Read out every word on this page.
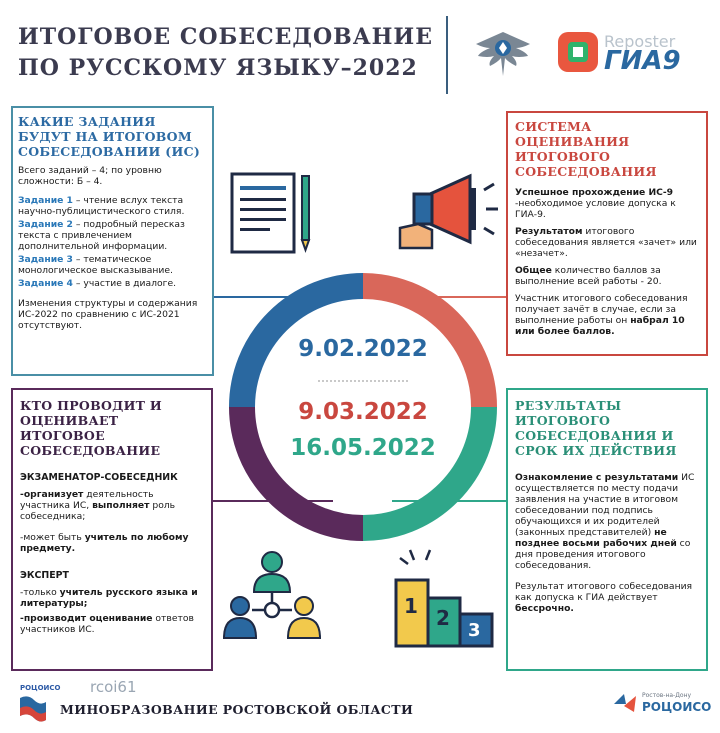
ИТОГОВОЕ СОБЕСЕДОВАНИЕ
ПО РУССКОМУ ЯЗЫКУ–2022
Reposter
ГИА9
КАКИЕ ЗАДАНИЯ БУДУТ НА ИТОГОВОМ СОБЕСЕДОВАНИИ (ИС)

Всего заданий – 4; по уровню сложности: Б – 4.

Задание 1 – чтение вслух текста научно-публицистического стиля.

Задание 2 – подробный пересказ текста с привлечением дополнительной информации.

Задание 3 – тематическое монологическое высказывание.

Задание 4 – участие в диалоге.

Изменения структуры и содержания ИС-2022 по сравнению с ИС-2021 отсутствуют.

СИСТЕМА ОЦЕНИВАНИЯ ИТОГОВОГО СОБЕСЕДОВАНИЯ

Успешное прохождение ИС-9 -необходимое условие допуска к ГИА-9.

Результатом итогового собеседования является «зачет» или «незачет».

Общее количество баллов за выполнение всей работы - 20.

Участник итогового собеседования получает зачёт в случае, если за выполнение работы он набрал 10 или более баллов.

КТО ПРОВОДИТ И ОЦЕНИВАЕТ ИТОГОВОЕ СОБЕСЕДОВАНИЕ
ЭКЗАМЕНАТОР-СОБЕСЕДНИК

-организует деятельность участника ИС, выполняет роль собеседника;

-может быть учитель по любому предмету.

ЭКСПЕРТ

-только учитель русского языка и литературы;

-производит оценивание ответов участников ИС.

РЕЗУЛЬТАТЫ ИТОГОВОГО СОБЕСЕДОВАНИЯ И СРОК ИХ ДЕЙСТВИЯ

Ознакомление с результатами ИС осуществляется по месту подачи заявления на участие в итоговом собеседовании под подпись обучающихся и их родителей (законных представителей) не позднее восьми рабочих дней со дня проведения итогового собеседования.

Результат итогового собеседования как допуска к ГИА действует бессрочно.

9.02.2022
9.03.2022
16.05.2022
1 2
3
РОЦОИСО rcoi61
МИНОБРАЗОВАНИЕ РОСТОВСКОЙ ОБЛАСТИ
Ростов-на-Дону
РОЦОИСО
